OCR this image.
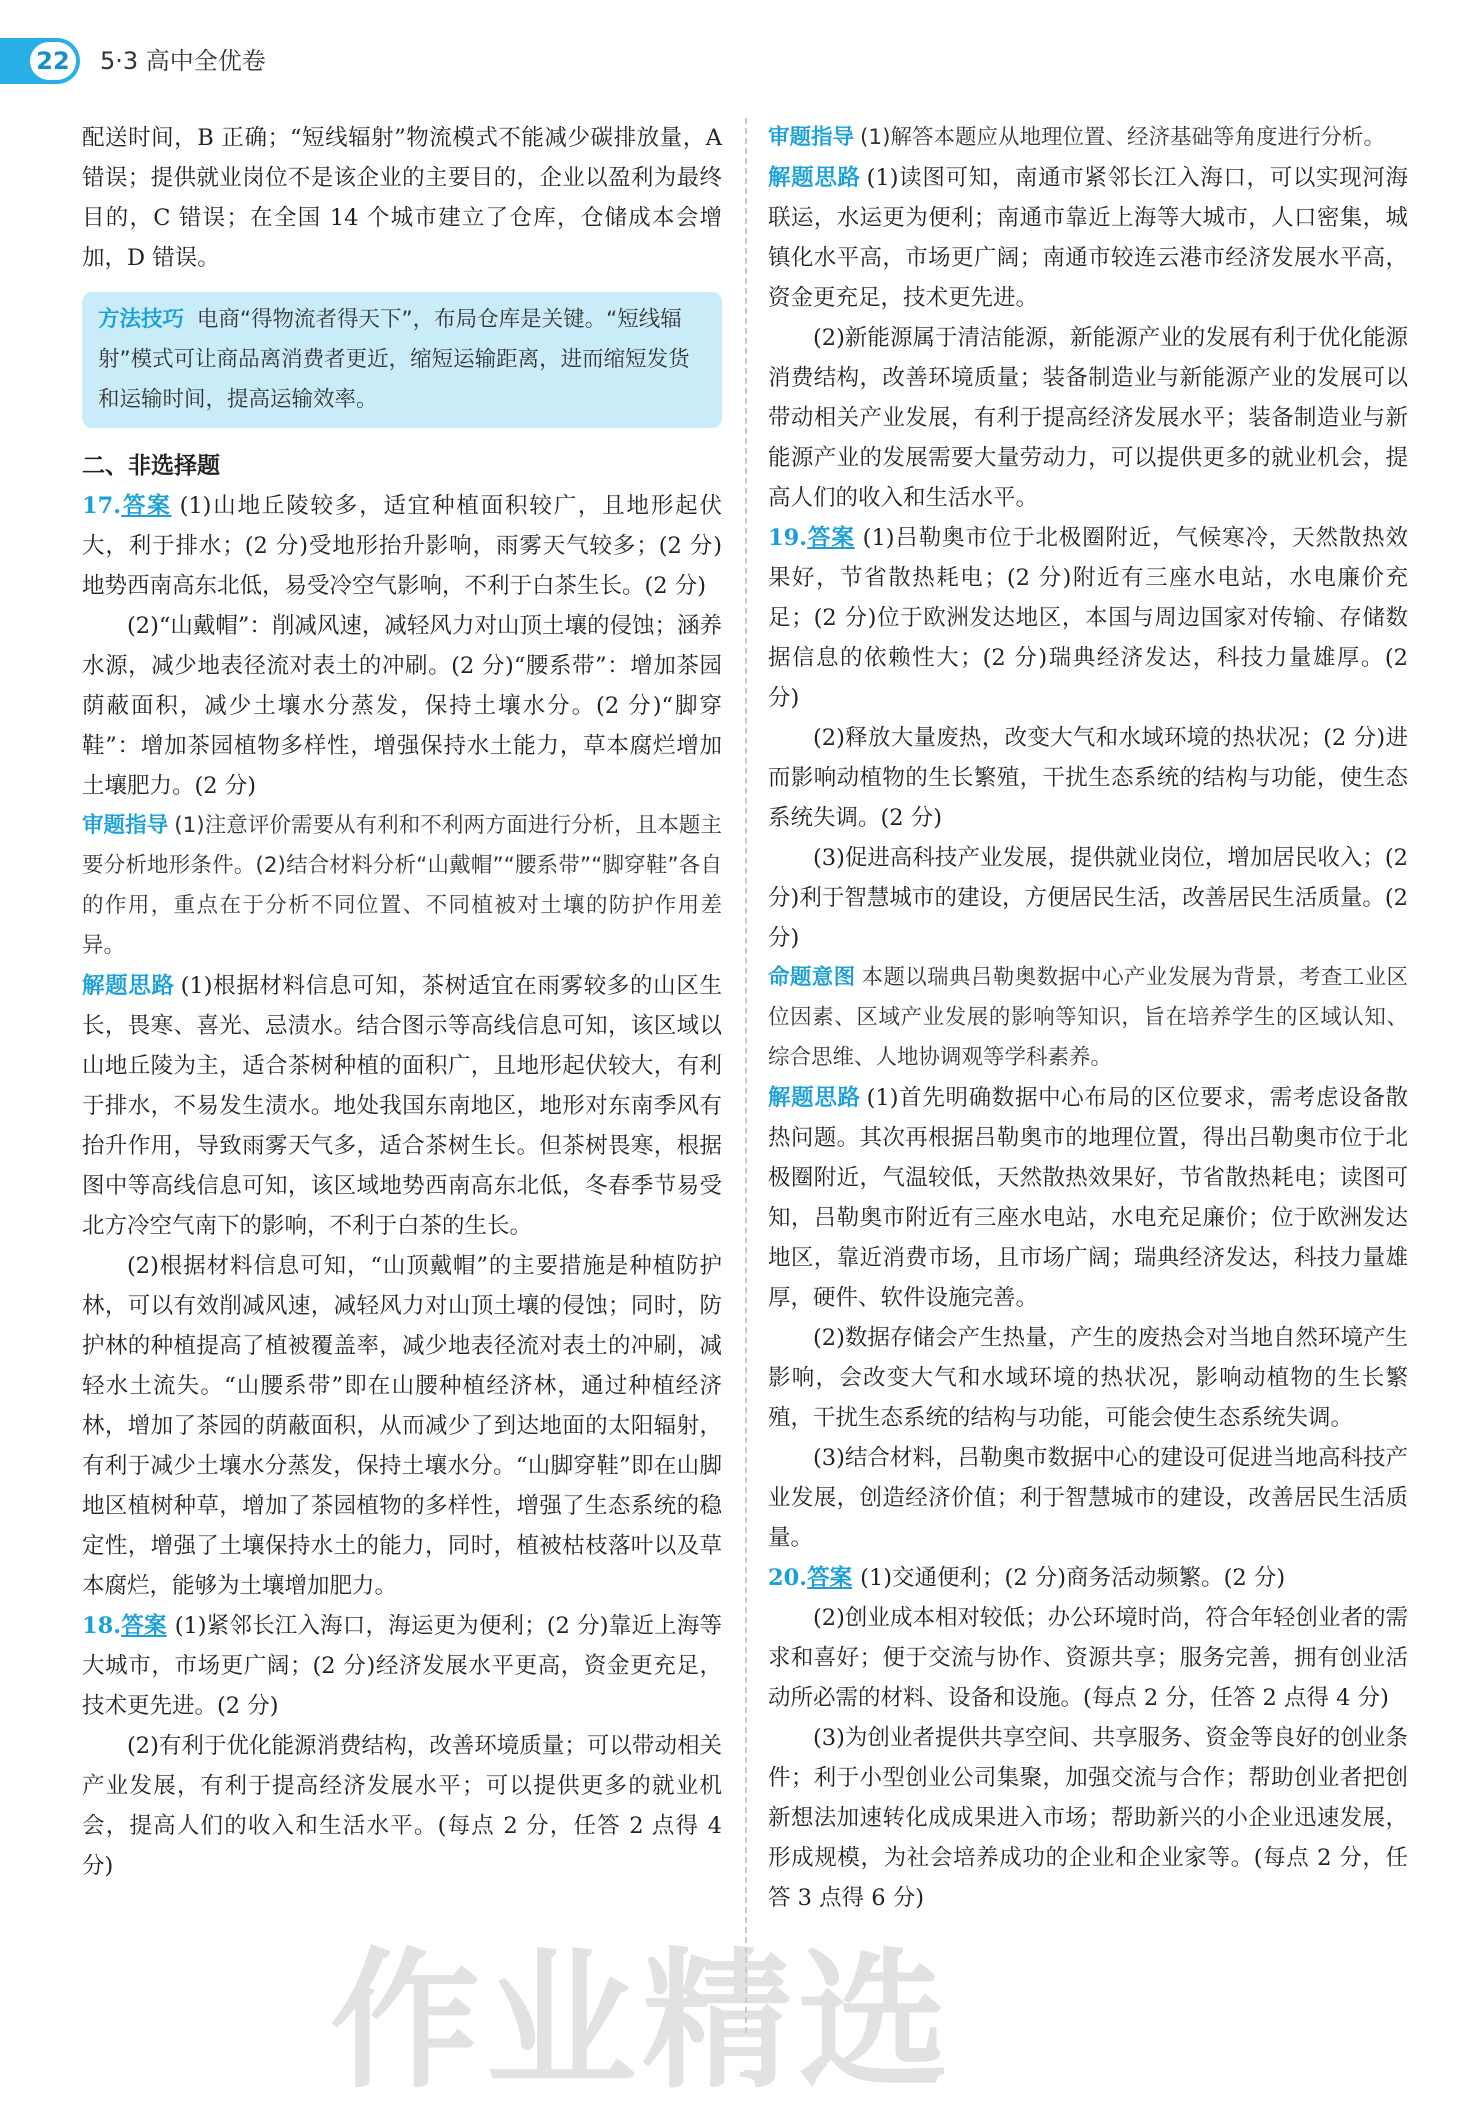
22 5·3 高中全优卷

配送时间，B 正确；“短线辐射”物流模式不能减少碳排放量，A 错误；提供就业岗位不是该企业的主要目的，企业以盈利为最终目的，C 错误；在全国 14 个城市建立了仓库，仓储成本会增加，D 错误。

方法技巧 电商“得物流者得天下”，布局仓库是关键。“短线辐射”模式可让商品离消费者更近，缩短运输距离，进而缩短发货和运输时间，提高运输效率。

二、非选择题

17.答案 (1)山地丘陵较多，适宜种植面积较广，且地形起伏大，利于排水；(2 分)受地形抬升影响，雨雾天气较多；(2 分)地势西南高东北低，易受冷空气影响，不利于白茶生长。(2 分)

(2)“山戴帽”：削减风速，减轻风力对山顶土壤的侵蚀；涵养水源，减少地表径流对表土的冲刷。(2 分)“腰系带”：增加茶园荫蔽面积，减少土壤水分蒸发，保持土壤水分。(2 分)“脚穿鞋”：增加茶园植物多样性，增强保持水土能力，草本腐烂增加土壤肥力。(2 分)

审题指导 (1)注意评价需要从有利和不利两方面进行分析，且本题主要分析地形条件。(2)结合材料分析“山戴帽”“腰系带”“脚穿鞋”各自的作用，重点在于分析不同位置、不同植被对土壤的防护作用差异。

解题思路 (1)根据材料信息可知，茶树适宜在雨雾较多的山区生长，畏寒、喜光、忌渍水。结合图示等高线信息可知，该区域以山地丘陵为主，适合茶树种植的面积广，且地形起伏较大，有利于排水，不易发生渍水。地处我国东南地区，地形对东南季风有抬升作用，导致雨雾天气多，适合茶树生长。但茶树畏寒，根据图中等高线信息可知，该区域地势西南高东北低，冬春季节易受北方冷空气南下的影响，不利于白茶的生长。

(2)根据材料信息可知，“山顶戴帽”的主要措施是种植防护林，可以有效削减风速，减轻风力对山顶土壤的侵蚀；同时，防护林的种植提高了植被覆盖率，减少地表径流对表土的冲刷，减轻水土流失。“山腰系带”即在山腰种植经济林，通过种植经济林，增加了茶园的荫蔽面积，从而减少了到达地面的太阳辐射，有利于减少土壤水分蒸发，保持土壤水分。“山脚穿鞋”即在山脚地区植树种草，增加了茶园植物的多样性，增强了生态系统的稳定性，增强了土壤保持水土的能力，同时，植被枯枝落叶以及草本腐烂，能够为土壤增加肥力。

18.答案 (1)紧邻长江入海口，海运更为便利；(2 分)靠近上海等大城市，市场更广阔；(2 分)经济发展水平更高，资金更充足，技术更先进。(2 分)

(2)有利于优化能源消费结构，改善环境质量；可以带动相关产业发展，有利于提高经济发展水平；可以提供更多的就业机会，提高人们的收入和生活水平。(每点 2 分，任答 2 点得 4 分)

审题指导 (1)解答本题应从地理位置、经济基础等角度进行分析。

解题思路 (1)读图可知，南通市紧邻长江入海口，可以实现河海联运，水运更为便利；南通市靠近上海等大城市，人口密集，城镇化水平高，市场更广阔；南通市较连云港市经济发展水平高，资金更充足，技术更先进。

(2)新能源属于清洁能源，新能源产业的发展有利于优化能源消费结构，改善环境质量；装备制造业与新能源产业的发展可以带动相关产业发展，有利于提高经济发展水平；装备制造业与新能源产业的发展需要大量劳动力，可以提供更多的就业机会，提高人们的收入和生活水平。

19.答案 (1)吕勒奥市位于北极圈附近，气候寒冷，天然散热效果好，节省散热耗电；(2 分)附近有三座水电站，水电廉价充足；(2 分)位于欧洲发达地区，本国与周边国家对传输、存储数据信息的依赖性大；(2 分)瑞典经济发达，科技力量雄厚。(2 分)

(2)释放大量废热，改变大气和水域环境的热状况；(2 分)进而影响动植物的生长繁殖，干扰生态系统的结构与功能，使生态系统失调。(2 分)

(3)促进高科技产业发展，提供就业岗位，增加居民收入；(2 分)利于智慧城市的建设，方便居民生活，改善居民生活质量。(2 分)

命题意图 本题以瑞典吕勒奥数据中心产业发展为背景，考查工业区位因素、区域产业发展的影响等知识，旨在培养学生的区域认知、综合思维、人地协调观等学科素养。

解题思路 (1)首先明确数据中心布局的区位要求，需考虑设备散热问题。其次再根据吕勒奥市的地理位置，得出吕勒奥市位于北极圈附近，气温较低，天然散热效果好，节省散热耗电；读图可知，吕勒奥市附近有三座水电站，水电充足廉价；位于欧洲发达地区，靠近消费市场，且市场广阔；瑞典经济发达，科技力量雄厚，硬件、软件设施完善。

(2)数据存储会产生热量，产生的废热会对当地自然环境产生影响，会改变大气和水域环境的热状况，影响动植物的生长繁殖，干扰生态系统的结构与功能，可能会使生态系统失调。

(3)结合材料，吕勒奥市数据中心的建设可促进当地高科技产业发展，创造经济价值；利于智慧城市的建设，改善居民生活质量。

20.答案 (1)交通便利；(2 分)商务活动频繁。(2 分)

(2)创业成本相对较低；办公环境时尚，符合年轻创业者的需求和喜好；便于交流与协作、资源共享；服务完善，拥有创业活动所必需的材料、设备和设施。(每点 2 分，任答 2 点得 4 分)

(3)为创业者提供共享空间、共享服务、资金等良好的创业条件；利于小型创业公司集聚，加强交流与合作；帮助创业者把创新想法加速转化成成果进入市场；帮助新兴的小企业迅速发展，形成规模，为社会培养成功的企业和企业家等。(每点 2 分，任答 3 点得 6 分)

作业精选
